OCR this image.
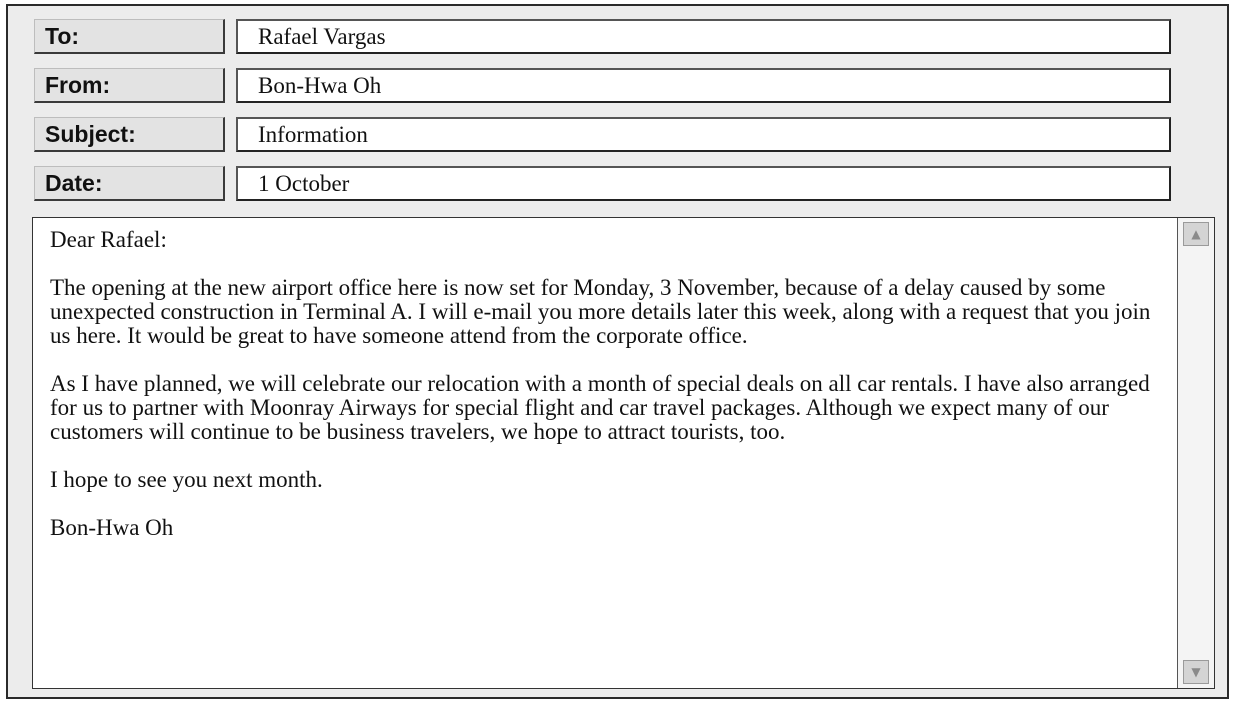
To:	Rafael Vargas
From:	Bon-Hwa Oh
Subject:	Information
Date:	1 October

Dear Rafael:

The opening at the new airport office here is now set for Monday, 3 November, because of a delay caused by some unexpected construction in Terminal A. I will e-mail you more details later this week, along with a request that you join us here. It would be great to have someone attend from the corporate office.

As I have planned, we will celebrate our relocation with a month of special deals on all car rentals. I have also arranged for us to partner with Moonray Airways for special flight and car travel packages. Although we expect many of our customers will continue to be business travelers, we hope to attract tourists, too.

I hope to see you next month.

Bon-Hwa Oh

▲
▼
